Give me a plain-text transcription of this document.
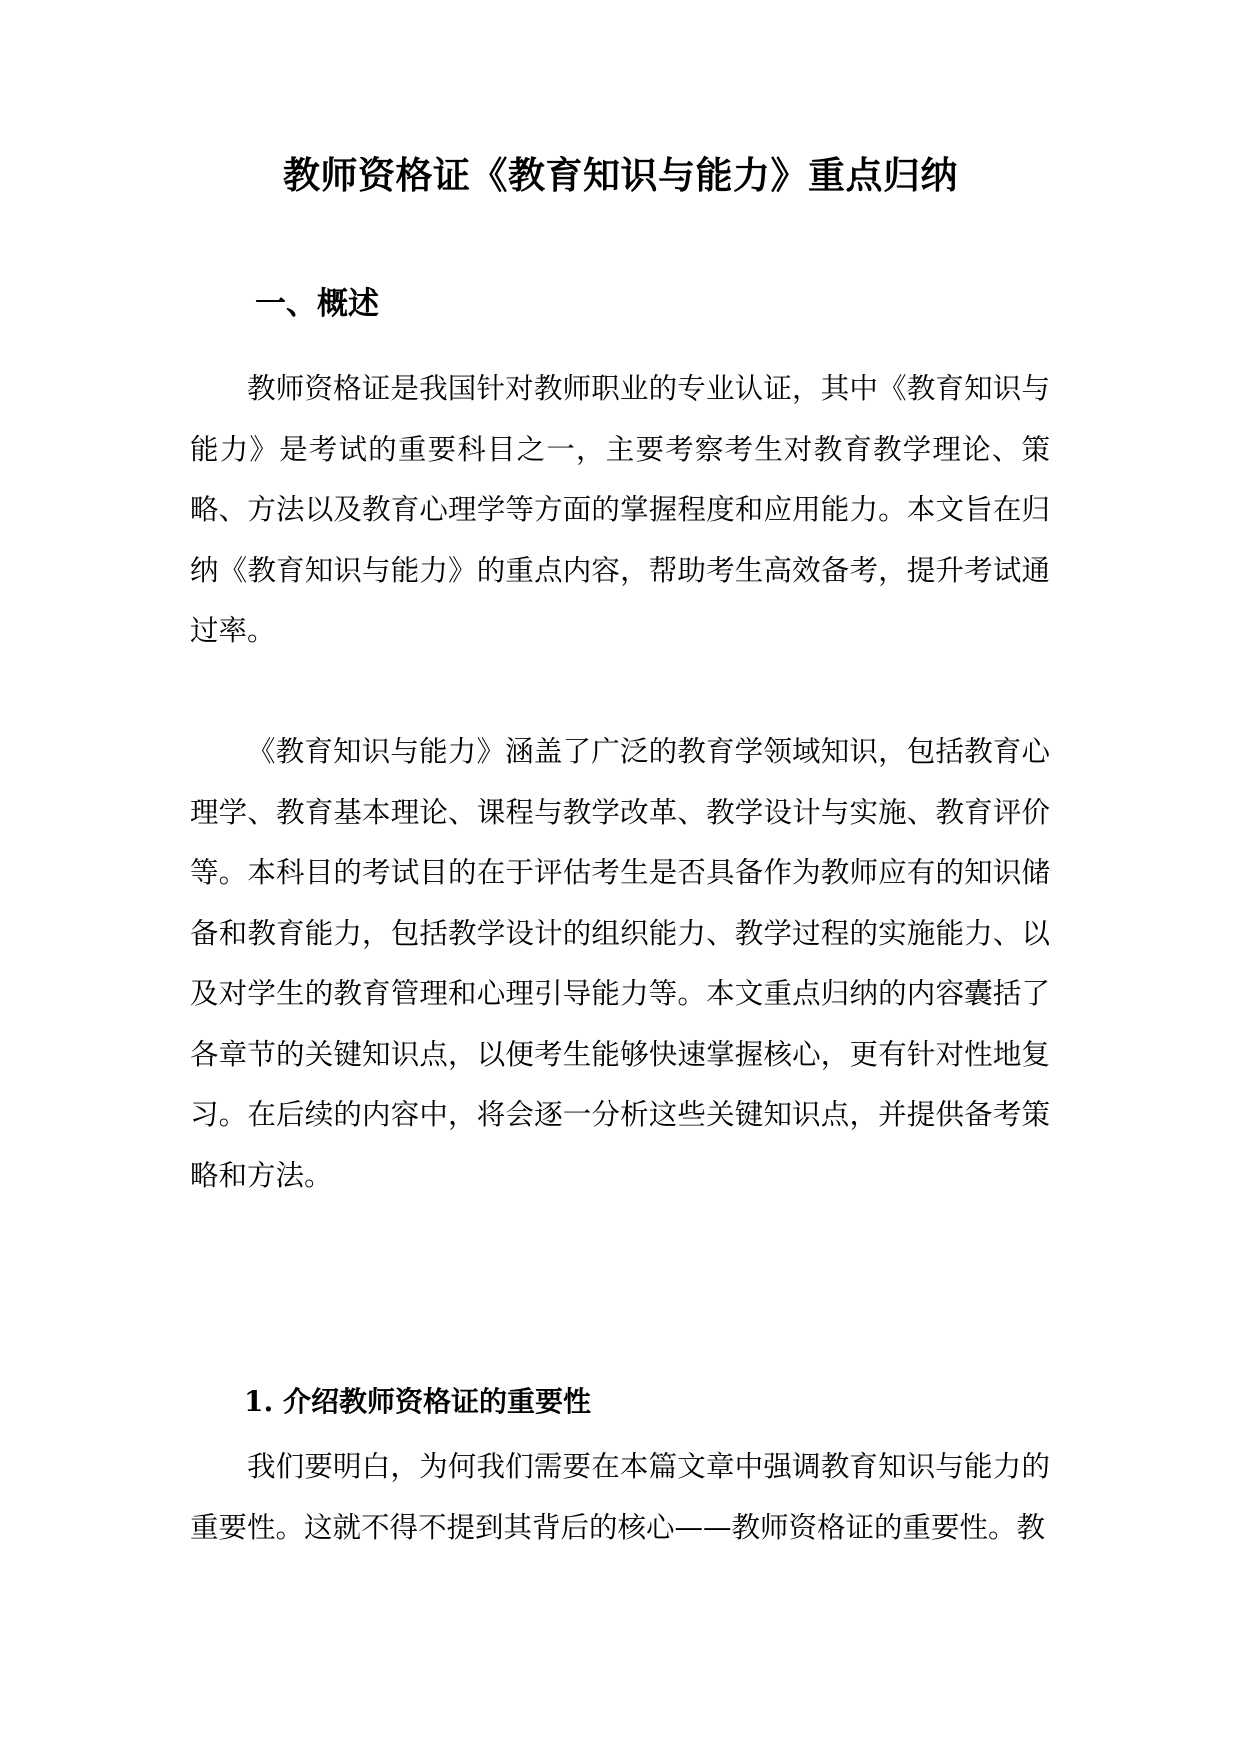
教师资格证《教育知识与能力》重点归纳
一、概述

教师资格证是我国针对教师职业的专业认证，其中《教育知识与能力》是考试的重要科目之一，主要考察考生对教育教学理论、策略、方法以及教育心理学等方面的掌握程度和应用能力。本文旨在归纳《教育知识与能力》的重点内容，帮助考生高效备考，提升考试通过率。

《教育知识与能力》涵盖了广泛的教育学领域知识，包括教育心理学、教育基本理论、课程与教学改革、教学设计与实施、教育评价等。本科目的考试目的在于评估考生是否具备作为教师应有的知识储备和教育能力，包括教学设计的组织能力、教学过程的实施能力、以及对学生的教育管理和心理引导能力等。本文重点归纳的内容囊括了各章节的关键知识点，以便考生能够快速掌握核心，更有针对性地复习。在后续的内容中，将会逐一分析这些关键知识点，并提供备考策略和方法。

1. 介绍教师资格证的重要性

我们要明白，为何我们需要在本篇文章中强调教育知识与能力的重要性。这就不得不提到其背后的核心——教师资格证的重要性。教
